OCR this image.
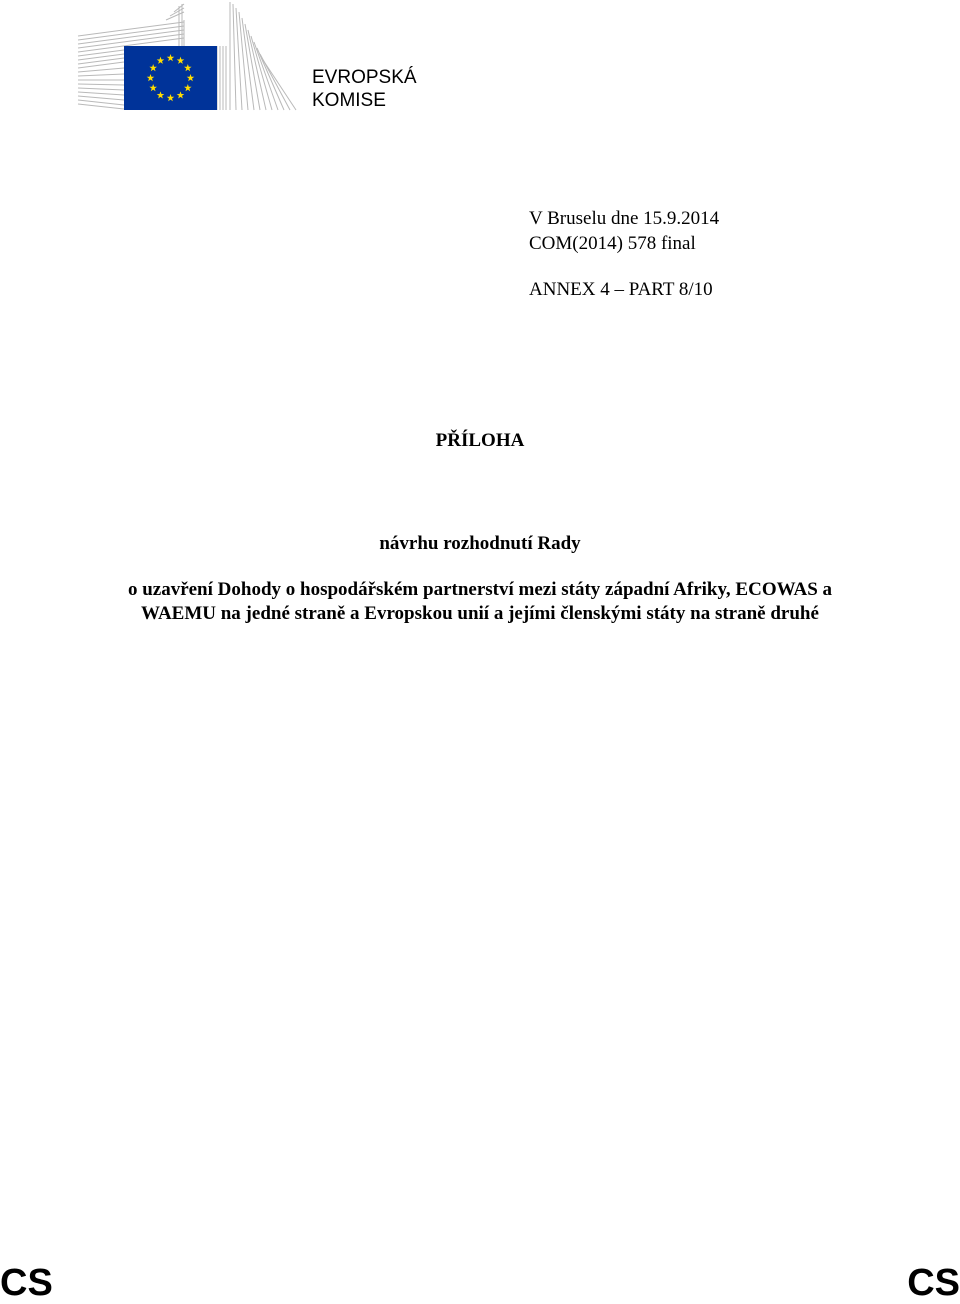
EVROPSKÁ
KOMISE
V Bruselu dne 15.9.2014
COM(2014) 578 final
ANNEX 4 – PART 8/10
PŘÍLOHA
návrhu rozhodnutí Rady
o uzavření Dohody o hospodářském partnerství mezi státy západní Afriky, ECOWAS a
WAEMU na jedné straně a Evropskou unií a jejími členskými státy na straně druhé
CS	CS
